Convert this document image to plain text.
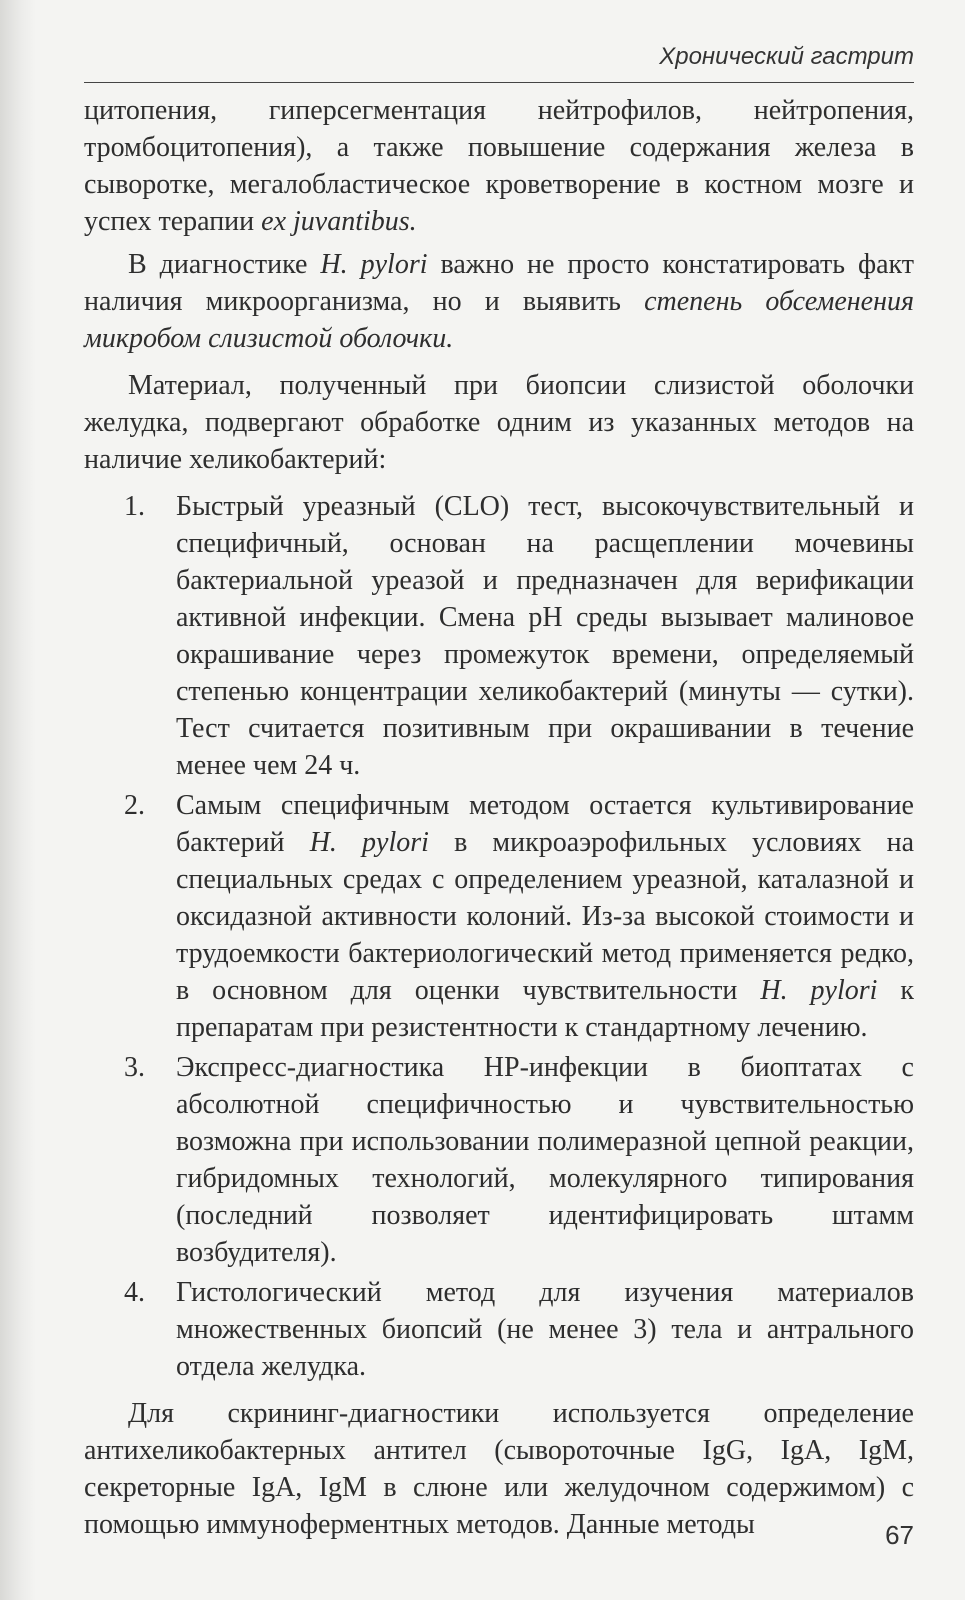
Хронический гастрит

цитопения, гиперсегментация нейтрофилов, нейтропения, тромбоцитопения), а также повышение содержания железа в сыворотке, мегалобластическое кроветворение в костном мозге и успех терапии ex juvantibus.

В диагностике H. pylori важно не просто констатировать факт наличия микроорганизма, но и выявить степень обсеменения микробом слизистой оболочки.

Материал, полученный при биопсии слизистой оболочки желудка, подвергают обработке одним из указанных методов на наличие хеликобактерий:

1.	Быстрый уреазный (CLO) тест, высокочувствительный и специфичный, основан на расщеплении мочевины бактериальной уреазой и предназначен для верификации активной инфекции. Смена pH среды вызывает малиновое окрашивание через промежуток времени, определяемый степенью концентрации хеликобактерий (минуты — сутки). Тест считается позитивным при окрашивании в течение менее чем 24 ч.
2.	Самым специфичным методом остается культивирование бактерий H. pylori в микроаэрофильных условиях на специальных средах с определением уреазной, каталазной и оксидазной активности колоний. Из-за высокой стоимости и трудоемкости бактериологический метод применяется редко, в основном для оценки чувствительности H. pylori к препаратам при резистентности к стандартному лечению.
3.	Экспресс-диагностика HP-инфекции в биоптатах с абсолютной специфичностью и чувствительностью возможна при использовании полимеразной цепной реакции, гибридомных технологий, молекулярного типирования (последний позволяет идентифицировать штамм возбудителя).
4.	Гистологический метод для изучения материалов множественных биопсий (не менее 3) тела и антрального отдела желудка.

Для скрининг-диагностики используется определение антихеликобактерных антител (сывороточные IgG, IgA, IgM, секреторные IgA, IgM в слюне или желудочном содержимом) с помощью иммуноферментных методов. Данные методы	67
